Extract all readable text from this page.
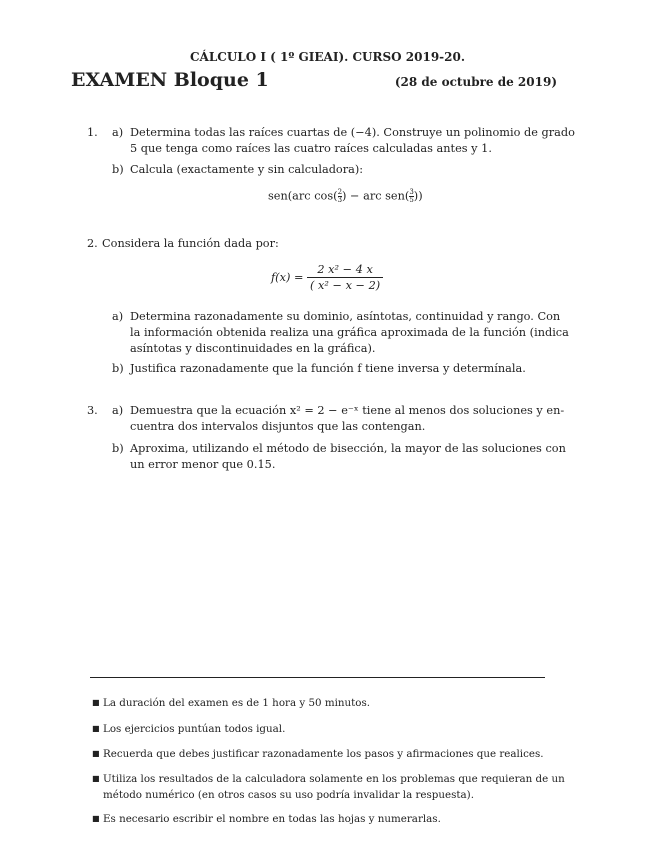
CÁLCULO I ( 1º GIEAI). CURSO 2019-20.
EXAMEN Bloque 1	(28 de octubre de 2019)
1. a) Determina todas las raíces cuartas de (−4). Construye un polinomio de grado
5 que tenga como raíces las cuatro raíces calculadas antes y 1.
b) Calcula (exactamente y sin calculadora):
sen(arc $\cos( \frac{2}{3}$ ) − arc $sen( \frac{3}{5}$ ))
2. Considera la función dada por:
$f(x) = \frac{\text{2 x² − 4 x}}{\text{( x² − x − 2)}}$
a) Determina razonadamente su dominio, asíntotas, continuidad y rango. Con
la información obtenida realiza una gráfica aproximada de la función (indica
asíntotas y discontinuidades en la gráfica).
b) Justifica razonadamente que la función f tiene inversa y determínala.
3. a) Demuestra que la ecuación x² = 2 − e⁻ˣ tiene al menos dos soluciones y en-
cuentra dos intervalos disjuntos que las contengan.
b) Aproxima, utilizando el método de bisección, la mayor de las soluciones con
un error menor que 0.15.
■ La duración del examen es de 1 hora y 50 minutos.
■ Los ejercicios puntúan todos igual.
■ Recuerda que debes justificar razonadamente los pasos y afirmaciones que realices.
■ Utiliza los resultados de la calculadora solamente en los problemas que requieran de un
método numérico (en otros casos su uso podría invalidar la respuesta).
■ Es necesario escribir el nombre en todas las hojas y numerarlas.
